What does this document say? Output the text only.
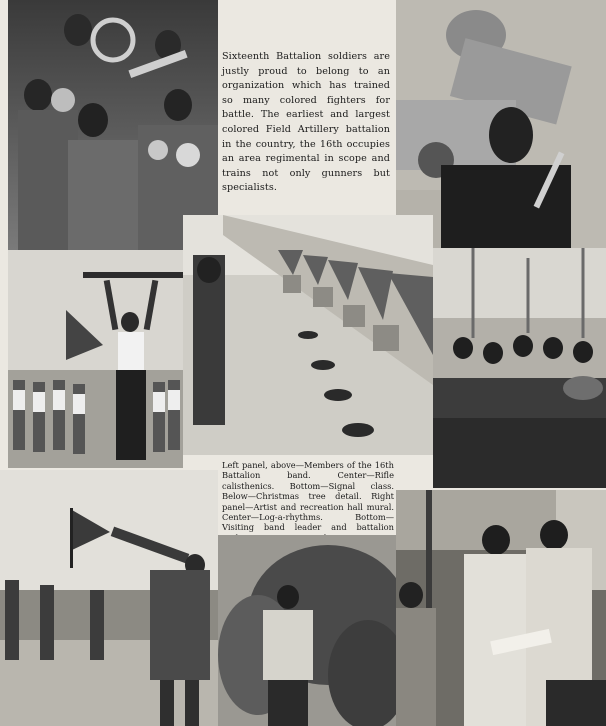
Sixteenth Battalion soldiers are justly proud to belong to an organization which has trained so many colored fighters for battle. The earliest and largest colored Field Artillery battalion in the country, the 16th occupies an area regimental in scope and trains not only gunners but specialists.
Left panel, above—Members of the 16th Battalion band. Center—Rifle calisthenics. Bottom—Signal class. Below—Christmas tree detail. Right panel—Artist and recreation hall mural. Center—Log-a-rhythms. Bottom—Visiting band leader and battalion
